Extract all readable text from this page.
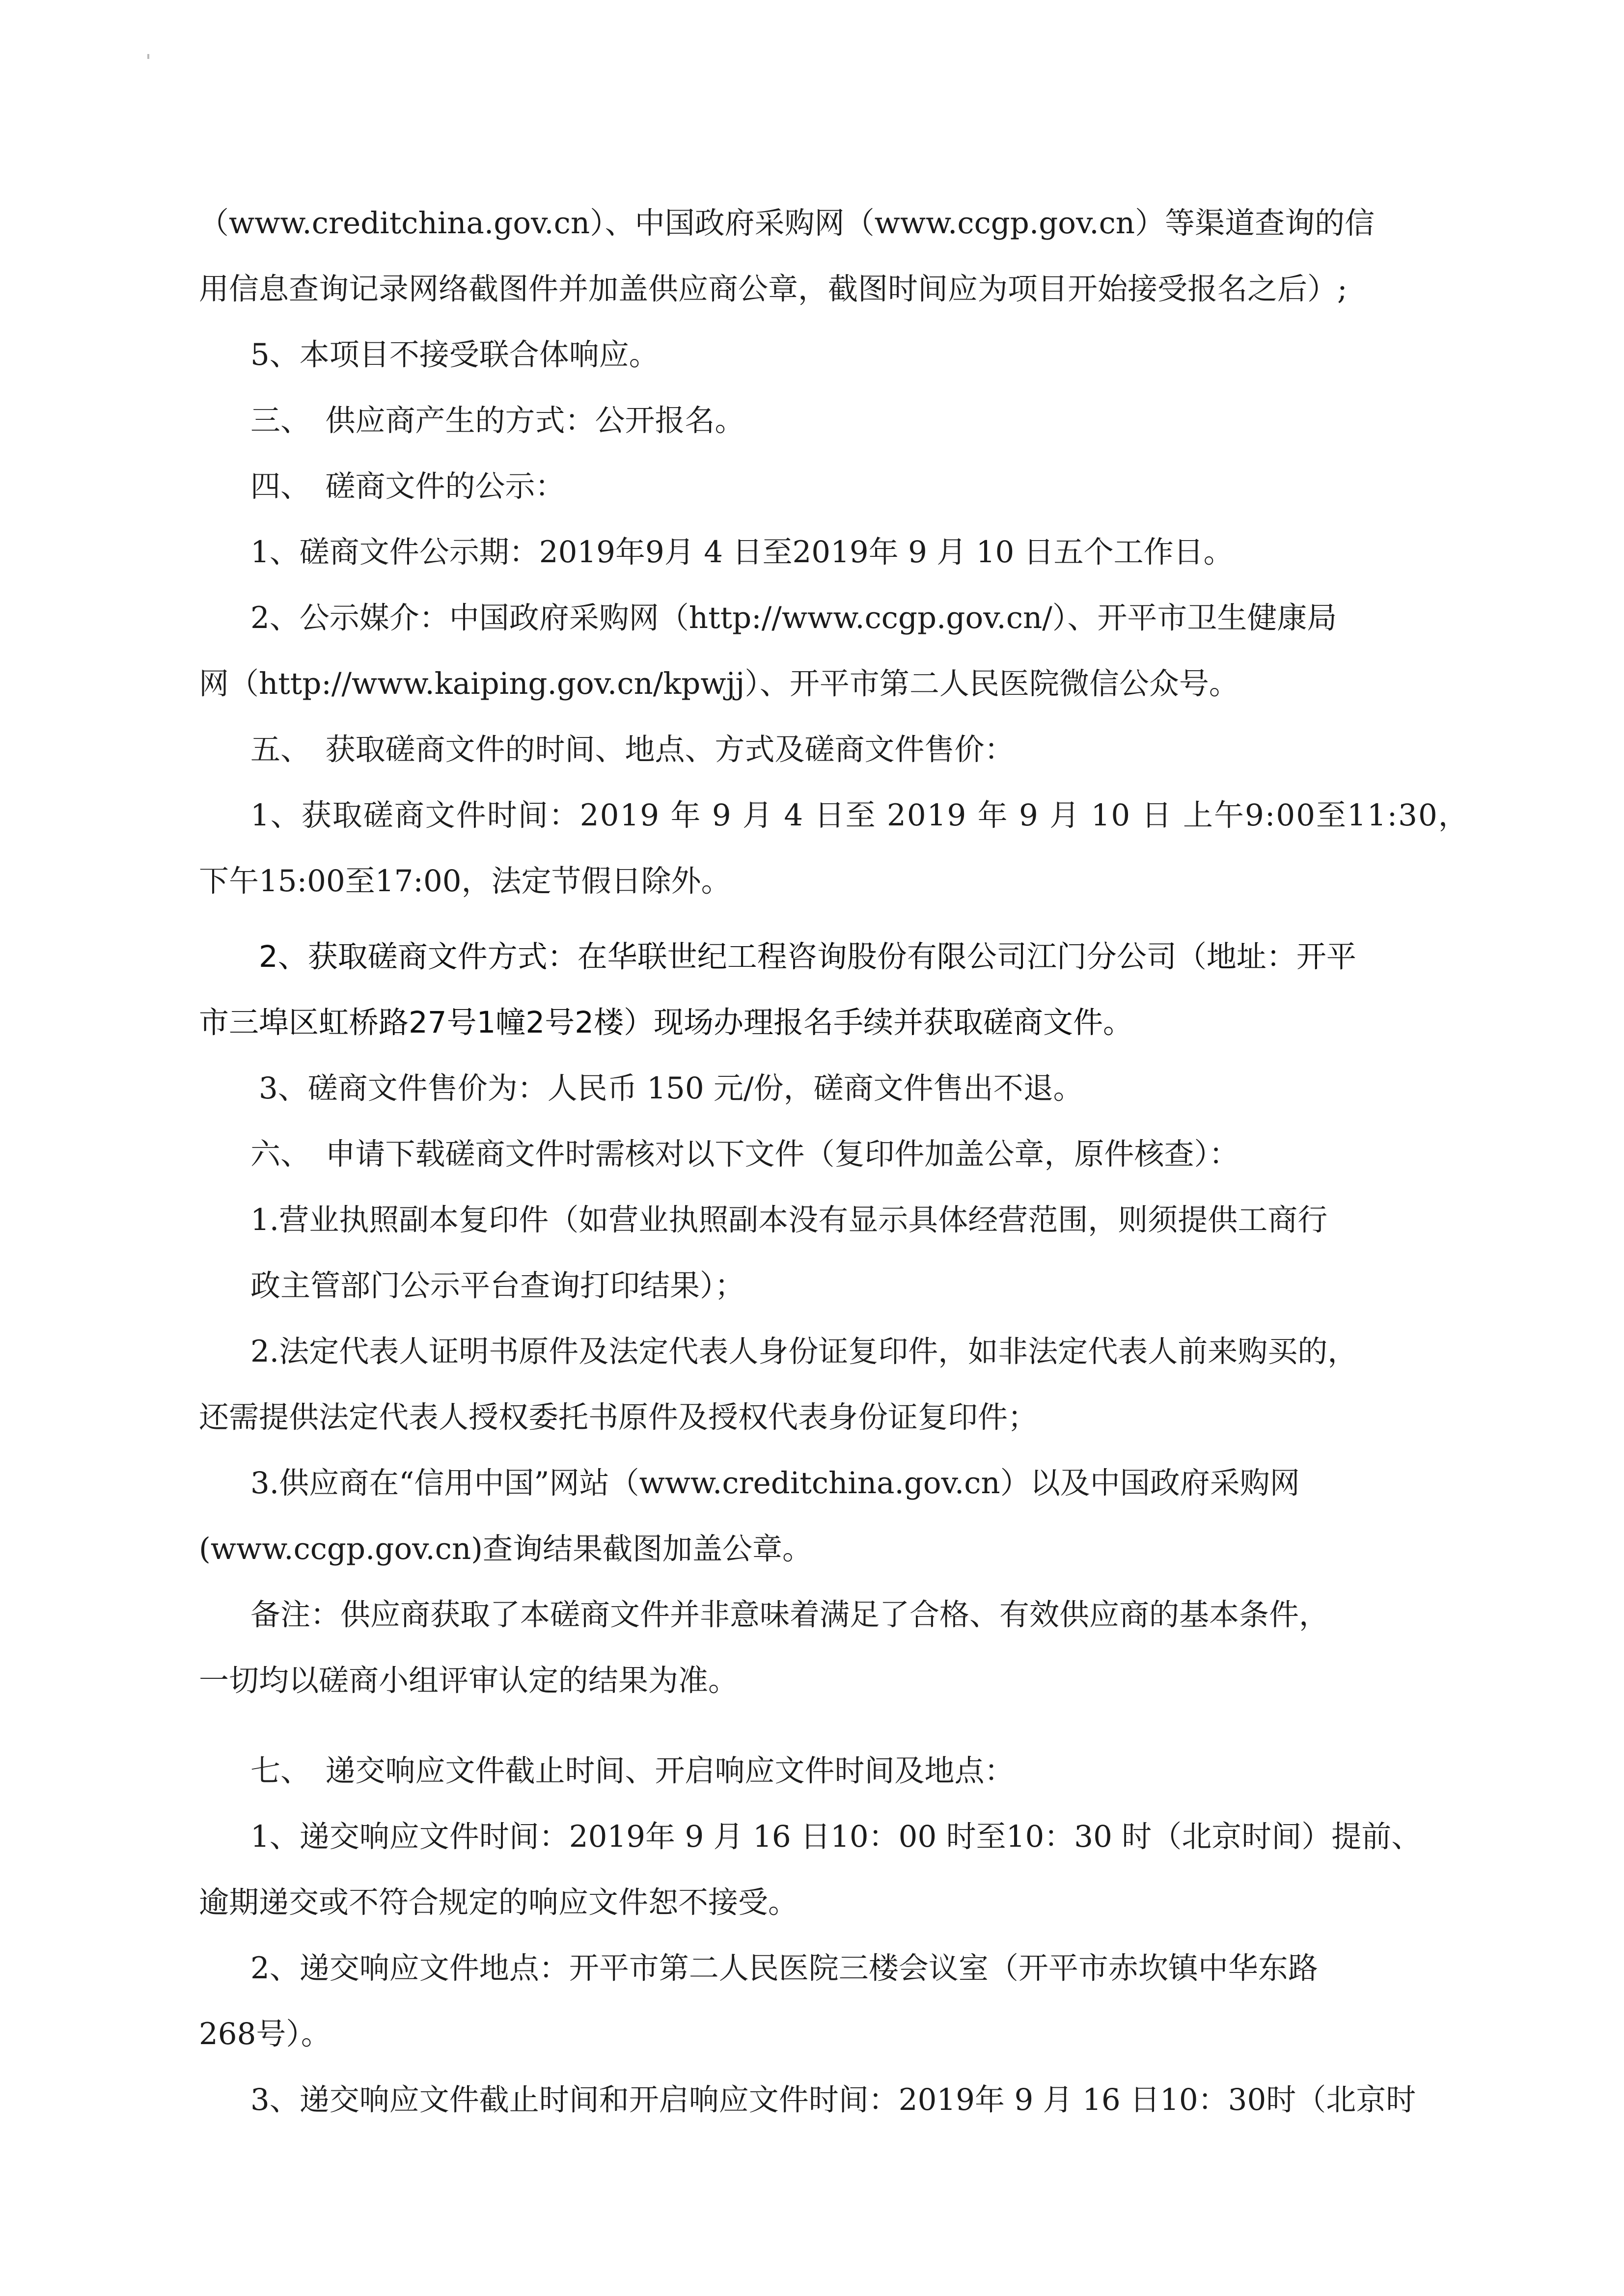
（www.creditchina.gov.cn）、中国政府采购网（www.ccgp.gov.cn）等渠道查询的信
用信息查询记录网络截图件并加盖供应商公章，截图时间应为项目开始接受报名之后）;
5、本项目不接受联合体响应。
三、　供应商产生的方式：公开报名。
四、　磋商文件的公示：
1、磋商文件公示期：2019年9月 4 日至2019年 9 月 10 日五个工作日。
2、公示媒介：中国政府采购网（http://www.ccgp.gov.cn/）、开平市卫生健康局
网（http://www.kaiping.gov.cn/kpwjj）、开平市第二人民医院微信公众号。
五、　获取磋商文件的时间、地点、方式及磋商文件售价：
1、获取磋商文件时间：2019 年 9 月 4 日至 2019 年 9 月 10 日 上午9:00至11:30，
下午15:00至17:00，法定节假日除外。
2、获取磋商文件方式：在华联世纪工程咨询股份有限公司江门分公司（地址：开平
市三埠区虹桥路27号1幢2号2楼）现场办理报名手续并获取磋商文件。
3、磋商文件售价为：人民币 150 元/份，磋商文件售出不退。
六、　申请下载磋商文件时需核对以下文件（复印件加盖公章，原件核查）：
1.营业执照副本复印件（如营业执照副本没有显示具体经营范围，则须提供工商行
政主管部门公示平台查询打印结果）；
2.法定代表人证明书原件及法定代表人身份证复印件，如非法定代表人前来购买的，
还需提供法定代表人授权委托书原件及授权代表身份证复印件；
3.供应商在“信用中国”网站（www.creditchina.gov.cn）以及中国政府采购网
(www.ccgp.gov.cn)查询结果截图加盖公章。
备注：供应商获取了本磋商文件并非意味着满足了合格、有效供应商的基本条件，
一切均以磋商小组评审认定的结果为准。
七、　递交响应文件截止时间、开启响应文件时间及地点：
1、递交响应文件时间：2019年 9 月 16 日10：00 时至10：30 时（北京时间）提前、
逾期递交或不符合规定的响应文件恕不接受。
2、递交响应文件地点：开平市第二人民医院三楼会议室（开平市赤坎镇中华东路
268号）。
3、递交响应文件截止时间和开启响应文件时间：2019年 9 月 16 日10：30时（北京时
